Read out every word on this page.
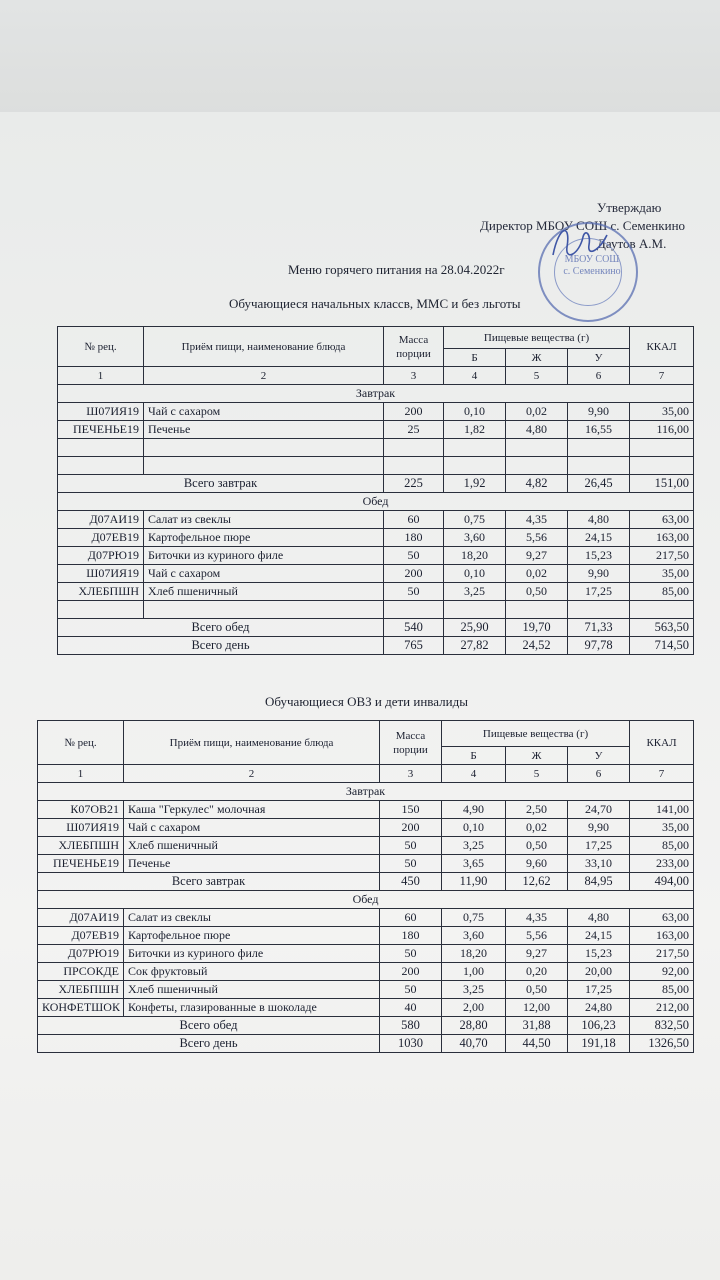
Утверждаю
Директор МБОУ СОШ с. Семенкино
Даутов А.М.
МБОУ СОШ с. Семенкино
Меню горячего питания на 28.04.2022г
Обучающиеся начальных классв, ММС и без льготы
№ рец.	Приём пищи, наименование блюда	Масса порции	Пищевые вещества (г)			ККАЛ
			Б	Ж	У	
1	2	3	4	5	6	7
Завтрак						
Ш07ИЯ19	Чай с сахаром	200	0,10	0,02	9,90	35,00
ПЕЧЕНЬЕ19	Печенье	25	1,82	4,80	16,55	116,00

Всего завтрак		225	1,92	4,82	26,45	151,00
Обед						
Д07АИ19	Салат из свеклы	60	0,75	4,35	4,80	63,00
Д07ЕВ19	Картофельное пюре	180	3,60	5,56	24,15	163,00
Д07РЮ19	Биточки из куриного филе	50	18,20	9,27	15,23	217,50
Ш07ИЯ19	Чай с сахаром	200	0,10	0,02	9,90	35,00
ХЛЕБПШН	Хлеб пшеничный	50	3,25	0,50	17,25	85,00

Всего обед		540	25,90	19,70	71,33	563,50
Всего день		765	27,82	24,52	97,78	714,50
Обучающиеся ОВЗ и дети инвалиды
№ рец.	Приём пищи, наименование блюда	Масса порции	Пищевые вещества (г)			ККАЛ
			Б	Ж	У	
1	2	3	4	5	6	7
Завтрак						
К07ОВ21	Каша "Геркулес" молочная	150	4,90	2,50	24,70	141,00
Ш07ИЯ19	Чай с сахаром	200	0,10	0,02	9,90	35,00
ХЛЕБПШН	Хлеб пшеничный	50	3,25	0,50	17,25	85,00
ПЕЧЕНЬЕ19	Печенье	50	3,65	9,60	33,10	233,00
Всего завтрак		450	11,90	12,62	84,95	494,00
Обед						
Д07АИ19	Салат из свеклы	60	0,75	4,35	4,80	63,00
Д07ЕВ19	Картофельное пюре	180	3,60	5,56	24,15	163,00
Д07РЮ19	Биточки из куриного филе	50	18,20	9,27	15,23	217,50
ПРСОКДЕ	Сок фруктовый	200	1,00	0,20	20,00	92,00
ХЛЕБПШН	Хлеб пшеничный	50	3,25	0,50	17,25	85,00
КОНФЕТШОК	Конфеты, глазированные в шоколаде	40	2,00	12,00	24,80	212,00
Всего обед		580	28,80	31,88	106,23	832,50
Всего день		1030	40,70	44,50	191,18	1326,50
